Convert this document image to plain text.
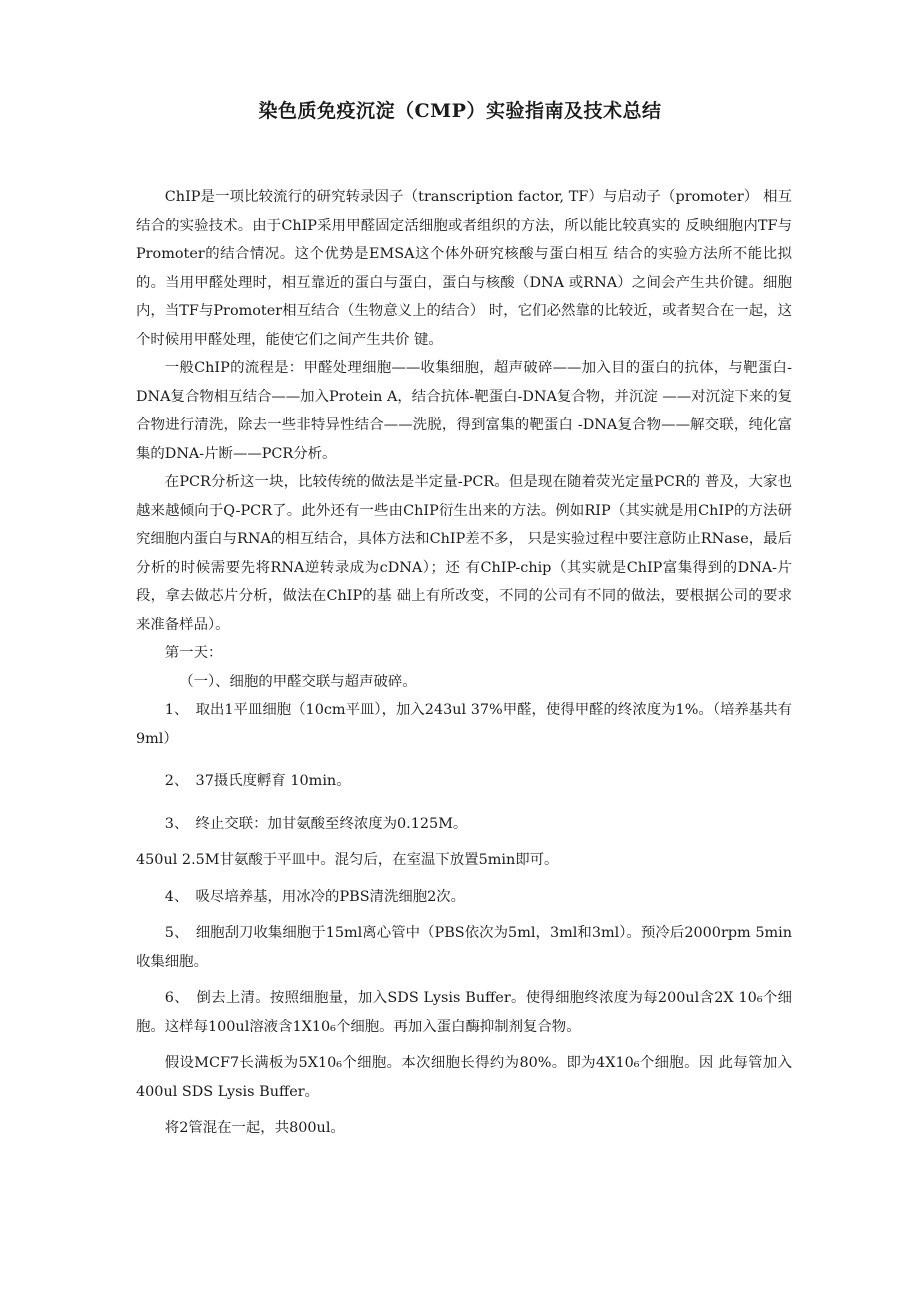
染色质免疫沉淀（CMP）实验指南及技术总结

ChIP是一项比较流行的研究转录因子（transcription factor, TF）与启动子（promoter） 相互结合的实验技术。由于ChIP采用甲醛固定活细胞或者组织的方法，所以能比较真实的 反映细胞内TF与Promoter的结合情况。这个优势是EMSA这个体外研究核酸与蛋白相互 结合的实验方法所不能比拟的。当用甲醛处理时，相互靠近的蛋白与蛋白，蛋白与核酸（DNA 或RNA）之间会产生共价键。细胞内，当TF与Promoter相互结合（生物意义上的结合） 时，它们必然靠的比较近，或者契合在一起，这个时候用甲醛处理，能使它们之间产生共价 键。

一般ChIP的流程是：甲醛处理细胞——收集细胞，超声破碎——加入目的蛋白的抗体，与靶蛋白-DNA复合物相互结合——加入Protein A，结合抗体-靶蛋白-DNA复合物，并沉淀 ——对沉淀下来的复合物进行清洗，除去一些非特异性结合——洗脱，得到富集的靶蛋白 -DNA复合物——解交联，纯化富集的DNA-片断——PCR分析。

在PCR分析这一块，比较传统的做法是半定量-PCR。但是现在随着荧光定量PCR的 普及，大家也越来越倾向于Q-PCR了。此外还有一些由ChIP衍生出来的方法。例如RIP（其实就是用ChIP的方法研究细胞内蛋白与RNA的相互结合，具体方法和ChIP差不多， 只是实验过程中要注意防止RNase，最后分析的时候需要先将RNA逆转录成为cDNA）；还 有ChIP-chip（其实就是ChIP富集得到的DNA-片段，拿去做芯片分析，做法在ChIP的基 础上有所改变，不同的公司有不同的做法，要根据公司的要求来准备样品）。

第一天：

（一）、细胞的甲醛交联与超声破碎。

1、　取出1平皿细胞（10cm平皿），加入243ul 37%甲醛，使得甲醛的终浓度为1%。（培养基共有 9ml）

2、　37摄氏度孵育 10min。

3、　终止交联：加甘氨酸至终浓度为0.125M。

450ul 2.5M甘氨酸于平皿中。混匀后，在室温下放置5min即可。

4、　吸尽培养基，用冰冷的PBS清洗细胞2次。

5、　细胞刮刀收集细胞于15ml离心管中（PBS依次为5ml，3ml和3ml）。预冷后2000rpm 5min收集细胞。

6、　倒去上清。按照细胞量，加入SDS Lysis Buffer。使得细胞终浓度为每200ul含2X 10₆个细胞。这样每100ul溶液含1X10₆个细胞。再加入蛋白酶抑制剂复合物。

假设MCF7长满板为5X10₆个细胞。本次细胞长得约为80%。即为4X10₆个细胞。因 此每管加入 400ul SDS Lysis Buffer。

将2管混在一起，共800ul。
